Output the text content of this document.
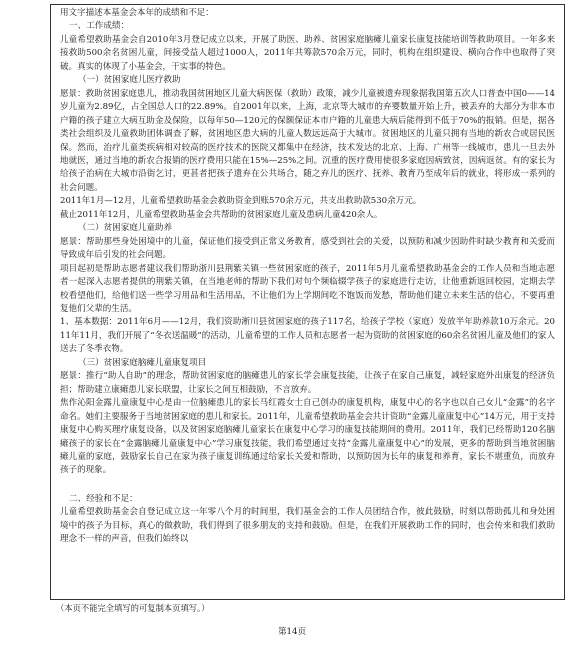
用文字描述本基金会本年的成绩和不足：

一、工作成绩：

儿童希望救助基金会自2010年3月登记成立以来，开展了助医、助养、贫困家庭脑瘫儿童家长康复技能培训等救助项目。一年多来接救助500余名贫困儿童，间接受益人超过1000人，2011年共筹款570余万元，同时，机构在组织建设、横向合作中也取得了突破。真实的体现了小基金会，干实事的特色。

（一）贫困家庭儿医疗救助

愿景：救助贫困家庭患儿，推动我国贫困地区儿童大病医保（救助）政策，减少儿童被遗弃现象据我国第五次人口普查中国0——14岁儿童为2.89亿，占全国总人口的22.89%。自2001年以来，上海，北京等大城市的弃婴数量开始上升，被丢弃的大部分为非本市户籍的孩子建立大病互助金及保险，以每年50—120元的保额保证本市户籍的儿童患大病后能得到不低于70%的报销。但是，据各类社会组织及儿童救助团体调查了解，贫困地区患大病的儿童人数远远高于大城市。贫困地区的儿童只拥有当地的新农合或居民医保。然而，治疗儿童类疾病相对较高的医疗技术的医院又都集中在经济，技术发达的北京、上海、广州等一线城市，患儿一旦去外地就医，通过当地的新农合报销的医疗费用只能在15%—25%之间。沉重的医疗费用使很多家庭因病致贫，因病返贫。有的家长为给孩子治病在大城市沿街乞讨，更甚者把孩子遗弃在公共场合，随之弃儿的医疗、抚养、教育乃至成年后的就业，将形成一系列的社会问题。

2011年1月—12月，儿童希望救助基金会救助资金到账570余万元，共支出救助款530余万元。

截止2011年12月，儿童希望救助基金会共帮助的贫困家庭儿童及患病儿童420余人。

（二）贫困家庭儿童助养

愿景：帮助那些身处困境中的儿童，保证他们接受到正常义务教育，感受到社会的关爱，以预防和减少因助件时缺少教育和关爱而导致成年后引发的社会问题。

项目起初是帮助志愿者建议我们帮助浙川县荆紫关镇一些贫困家庭的孩子，2011年5月儿童希望救助基金会的工作人员和当地志愿者一起深入志愿者提供的荆紫关镇，在当地老师的帮助下我们对句个频临辍学孩子的家庭进行走访，让他重新返回校园，定期去学校看望他们，给他们送一些学习用品和生活用品，不让他们为上学期间吃不饱饭而发愁，帮助他们建立未来生活的信心，不要再重复他们父辈的生活。

1、基本数据：2011年6月——12月，我们资助淅川县贫困家庭的孩子117名，给孩子学校（家庭）发放半年助养款10万余元。2011年11月，我们开展了“冬衣送温暖”的活动，儿童希望的工作人员和志愿者一起为资助的贫困家庭的60余名贫困儿童及他们的家人送去了冬季衣物。

（三）贫困家庭脑瘫儿童康复项目

愿景：推行“助人自助”的理念，帮助贫困家庭的脑瘫患儿的家长学会康复技能，让孩子在家自己康复，减轻家庭外出康复的经济负担；帮助建立康瘫患儿家长联盟，让家长之间互相鼓励，不言放弃。

焦作沁阳金露儿童康复中心是由一位脑瘫患儿的家长马红霞女士自己创办的康复机构，康复中心的名字也以自己女儿“金露”的名字命名。她们主要服务于当地贫困家庭的患儿和家长。2011年，儿童希望救助基金会共计资助“金露儿童康复中心”14万元，用于支持康复中心购买理疗康复设备，以及贫困家庭脑瘫儿童家长在康复中心学习的康复技能期间的费用。2011年，我们已经帮助120名脑瘫孩子的家长在“金露脑瘫儿童康复中心”学习康复技能，我们希望通过支持“金露儿童康复中心”的发展，更多的帮助到当地贫困脑瘫儿童的家庭，鼓励家长自己在家为孩子康复训练通过给家长关爱和帮助，以预防因为长年的康复和养育，家长不堪重负，而放弃孩子的现象。

二、经验和不足：

儿童希望救助基金会自登记成立这一年零八个月的时间里，我们基金会的工作人员团结合作，彼此鼓励，时刻以帮助孤儿和身处困境中的孩子为目标，真心的做救助，我们得到了很多朋友的支持和鼓励。但是，在我们开展救助工作的同时，也会传来和我们救助理念不一样的声音，但我们始终以

（本页不能完全填写的可复制本页填写。）

第14页
